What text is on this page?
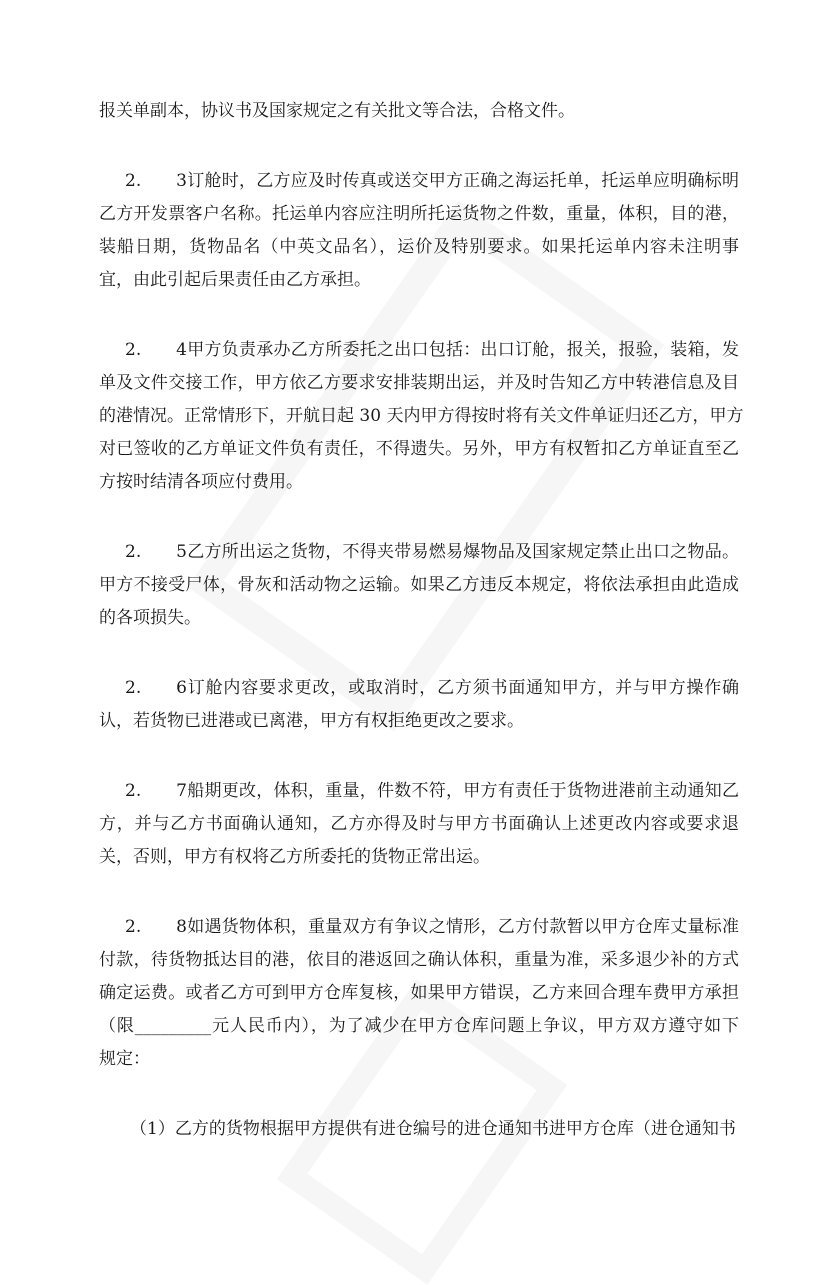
报关单副本，协议书及国家规定之有关批文等合法，合格文件。
2. 3订舱时，乙方应及时传真或送交甲方正确之海运托单，托运单应明确标明
乙方开发票客户名称。托运单内容应注明所托运货物之件数，重量，体积，目的港，
装船日期，货物品名（中英文品名），运价及特别要求。如果托运单内容未注明事
宜，由此引起后果责任由乙方承担。
2. 4甲方负责承办乙方所委托之出口包括：出口订舱，报关，报验，装箱，发
单及文件交接工作，甲方依乙方要求安排装期出运，并及时告知乙方中转港信息及目
的港情况。正常情形下，开航日起 30 天内甲方得按时将有关文件单证归还乙方，甲方
对已签收的乙方单证文件负有责任，不得遗失。另外，甲方有权暂扣乙方单证直至乙
方按时结清各项应付费用。
2. 5乙方所出运之货物，不得夹带易燃易爆物品及国家规定禁止出口之物品。
甲方不接受尸体，骨灰和活动物之运输。如果乙方违反本规定，将依法承担由此造成
的各项损失。
2. 6订舱内容要求更改，或取消时，乙方须书面通知甲方，并与甲方操作确
认，若货物已进港或已离港，甲方有权拒绝更改之要求。
2. 7船期更改，体积，重量，件数不符，甲方有责任于货物进港前主动通知乙
方，并与乙方书面确认通知，乙方亦得及时与甲方书面确认上述更改内容或要求退
关，否则，甲方有权将乙方所委托的货物正常出运。
2. 8如遇货物体积，重量双方有争议之情形，乙方付款暂以甲方仓库丈量标准
付款，待货物抵达目的港，依目的港返回之确认体积，重量为准，采多退少补的方式
确定运费。或者乙方可到甲方仓库复核，如果甲方错误，乙方来回合理车费甲方承担
（限_________元人民币内），为了减少在甲方仓库问题上争议，甲方双方遵守如下
规定：
（1）乙方的货物根据甲方提供有进仓编号的进仓通知书进甲方仓库（进仓通知书
